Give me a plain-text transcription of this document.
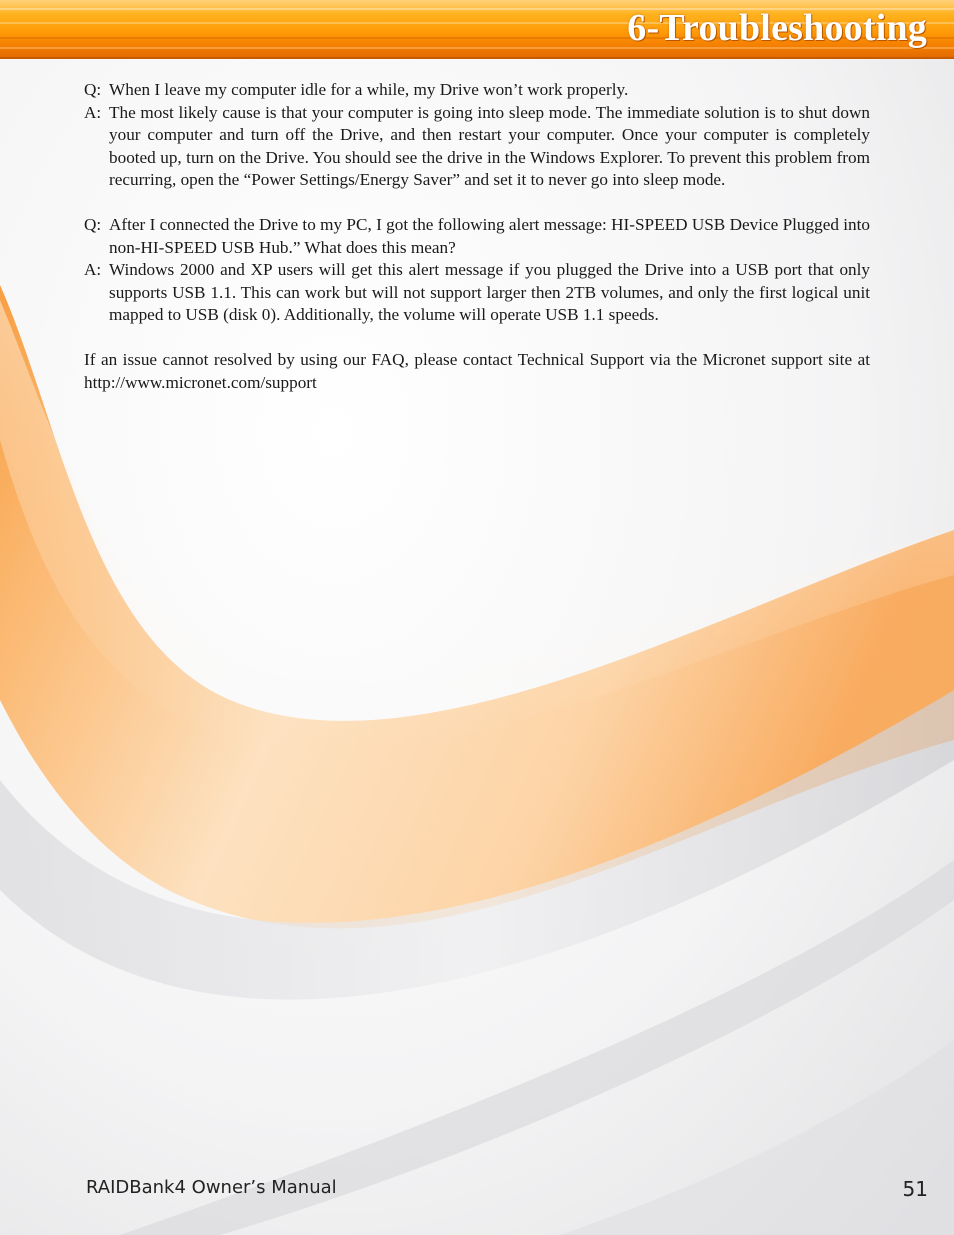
6-Troubleshooting

Q: When I leave my computer idle for a while, my Drive won’t work properly.

A: The most likely cause is that your computer is going into sleep mode. The immediate solution is to shut down your computer and turn off the Drive, and then restart your computer. Once your computer is completely booted up, turn on the Drive. You should see the drive in the Windows Explorer. To prevent this problem from recurring, open the “Power Settings/Energy Saver” and set it to never go into sleep mode.

Q: After I connected the Drive to my PC, I got the following alert message: HI-SPEED USB Device Plugged into non-HI-SPEED USB Hub.” What does this mean?

A: Windows 2000 and XP users will get this alert message if you plugged the Drive into a USB port that only supports USB 1.1. This can work but will not support larger then 2TB volumes, and only the first logical unit mapped to USB (disk 0). Additionally, the volume will operate USB 1.1 speeds.

If an issue cannot resolved by using our FAQ, please contact Technical Support via the Micronet support site at http://www.micronet.com/support

RAIDBank4 Owner’s Manual	51
